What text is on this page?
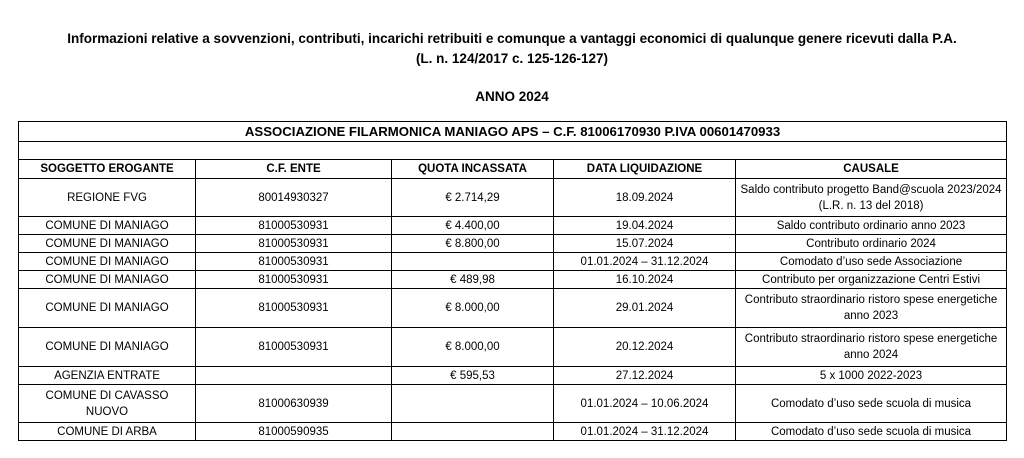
Informazioni relative a sovvenzioni, contributi, incarichi retribuiti e comunque a vantaggi economici di qualunque genere ricevuti dalla P.A.
(L. n. 124/2017 c. 125-126-127)
ANNO 2024
ASSOCIAZIONE FILARMONICA MANIAGO APS – C.F. 81006170930 P.IVA 00601470933				

SOGGETTO EROGANTE	C.F. ENTE	QUOTA INCASSATA	DATA LIQUIDAZIONE	CAUSALE
REGIONE FVG	80014930327	€ 2.714,29	18.09.2024	Saldo contributo progetto Band@scuola 2023/2024 (L.R. n. 13 del 2018)
COMUNE DI MANIAGO	81000530931	€ 4.400,00	19.04.2024	Saldo contributo ordinario anno 2023
COMUNE DI MANIAGO	81000530931	€ 8.800,00	15.07.2024	Contributo ordinario 2024
COMUNE DI MANIAGO	81000530931		01.01.2024 – 31.12.2024	Comodato d’uso sede Associazione
COMUNE DI MANIAGO	81000530931	€ 489,98	16.10.2024	Contributo per organizzazione Centri Estivi
COMUNE DI MANIAGO	81000530931	€ 8.000,00	29.01.2024	Contributo straordinario ristoro spese energetiche anno 2023
COMUNE DI MANIAGO	81000530931	€ 8.000,00	20.12.2024	Contributo straordinario ristoro spese energetiche anno 2024
AGENZIA ENTRATE		€ 595,53	27.12.2024	5 x 1000 2022-2023
COMUNE DI CAVASSO NUOVO	81000630939		01.01.2024 – 10.06.2024	Comodato d’uso sede scuola di musica
COMUNE DI ARBA	81000590935		01.01.2024 – 31.12.2024	Comodato d’uso sede scuola di musica
